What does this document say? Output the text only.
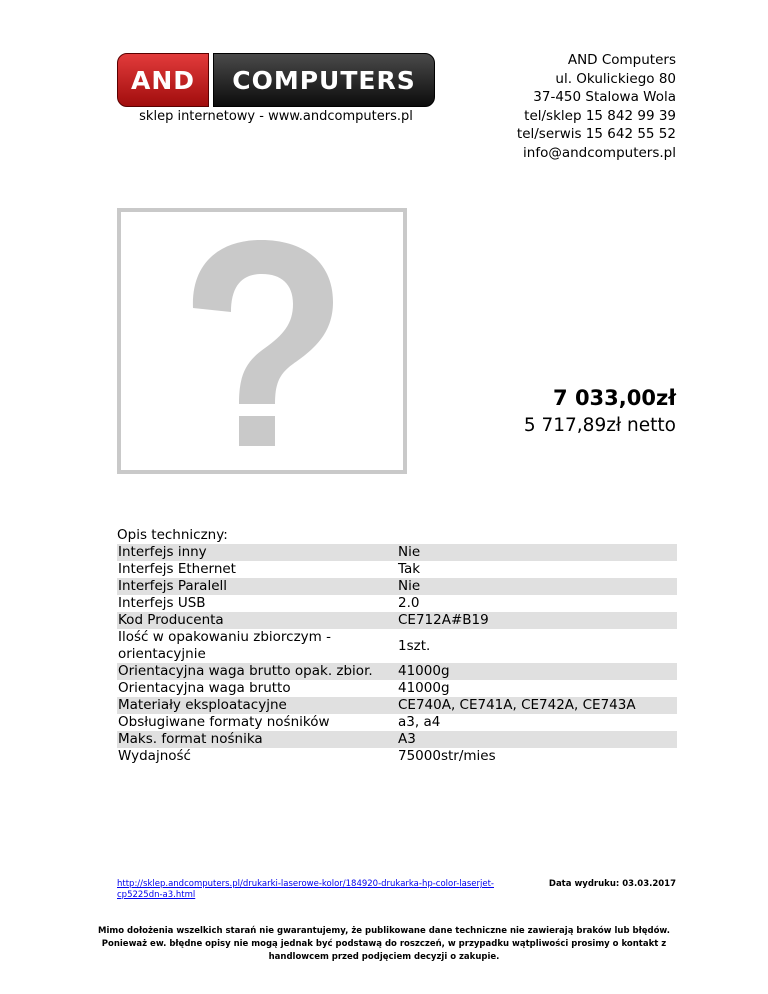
AND	COMPUTERS
sklep internetowy - www.andcomputers.pl
AND Computers
ul. Okulickiego 80
37-450 Stalowa Wola
tel/sklep 15 842 99 39
tel/serwis 15 642 55 52
info@andcomputers.pl
7 033,00zł
5 717,89zł netto
Opis techniczny:
Interfejs inny	Nie
Interfejs Ethernet	Tak
Interfejs Paralell	Nie
Interfejs USB	2.0
Kod Producenta	CE712A#B19
Ilość w opakowaniu zbiorczym - orientacyjnie	1szt.
Orientacyjna waga brutto opak. zbior.	41000g
Orientacyjna waga brutto	41000g
Materiały eksploatacyjne	CE740A, CE741A, CE742A, CE743A
Obsługiwane formaty nośników	a3, a4
Maks. format nośnika	A3
Wydajność	75000str/mies
http://sklep.andcomputers.pl/drukarki-laserowe-kolor/184920-drukarka-hp-color-laserjet-cp5225dn-a3.html
Data wydruku: 03.03.2017
Mimo dołożenia wszelkich starań nie gwarantujemy, że publikowane dane techniczne nie zawierają braków lub błędów. Ponieważ ew. błędne opisy nie mogą jednak być podstawą do roszczeń, w przypadku wątpliwości prosimy o kontakt z handlowcem przed podjęciem decyzji o zakupie.
